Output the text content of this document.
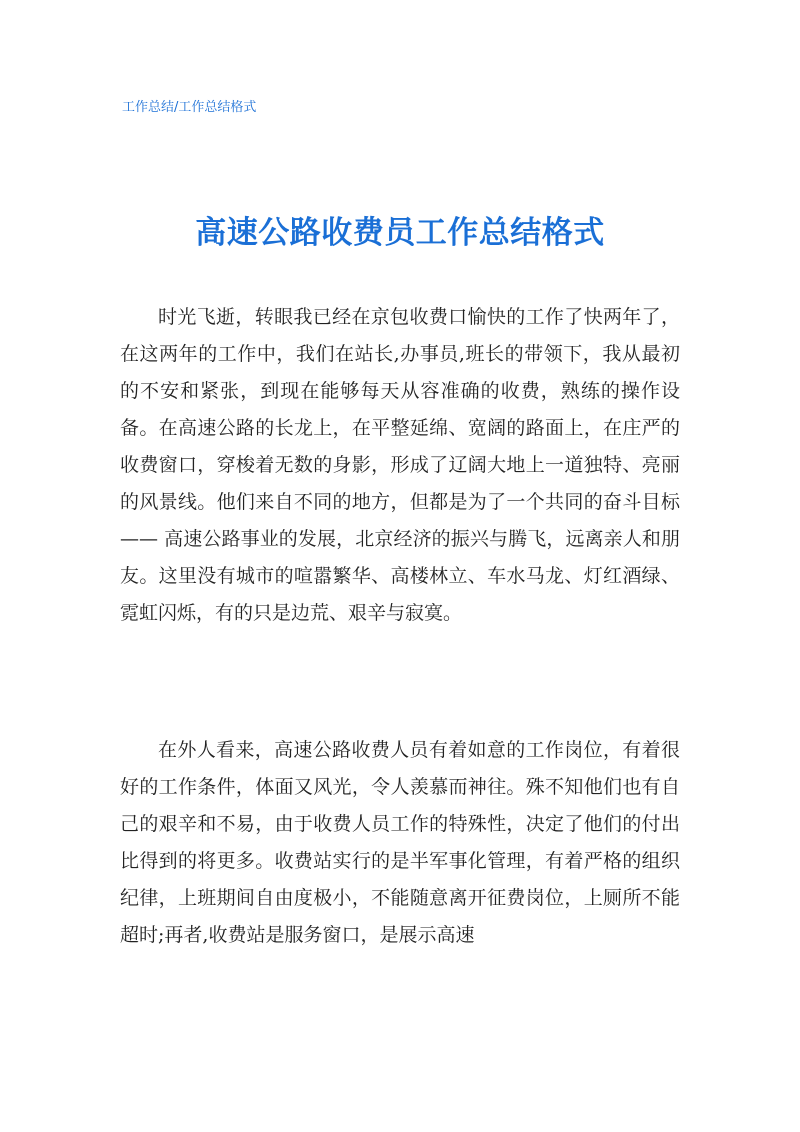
工作总结/工作总结格式
高速公路收费员工作总结格式

时光飞逝，转眼我已经在京包收费口愉快的工作了快两年了，在这两年的工作中，我们在站长,办事员,班长的带领下，我从最初的不安和紧张，到现在能够每天从容准确的收费，熟练的操作设备。在高速公路的长龙上，在平整延绵、宽阔的路面上，在庄严的收费窗口，穿梭着无数的身影，形成了辽阔大地上一道独特、亮丽的风景线。他们来自不同的地方，但都是为了一个共同的奋斗目标 —— 高速公路事业的发展，北京经济的振兴与腾飞，远离亲人和朋友。这里没有城市的喧嚣繁华、高楼林立、车水马龙、灯红酒绿、霓虹闪烁，有的只是边荒、艰辛与寂寞。

在外人看来，高速公路收费人员有着如意的工作岗位，有着很好的工作条件，体面又风光，令人羡慕而神往。殊不知他们也有自己的艰辛和不易，由于收费人员工作的特殊性，决定了他们的付出比得到的将更多。收费站实行的是半军事化管理，有着严格的组织纪律，上班期间自由度极小，不能随意离开征费岗位，上厕所不能超时;再者,收费站是服务窗口，是展示高速
